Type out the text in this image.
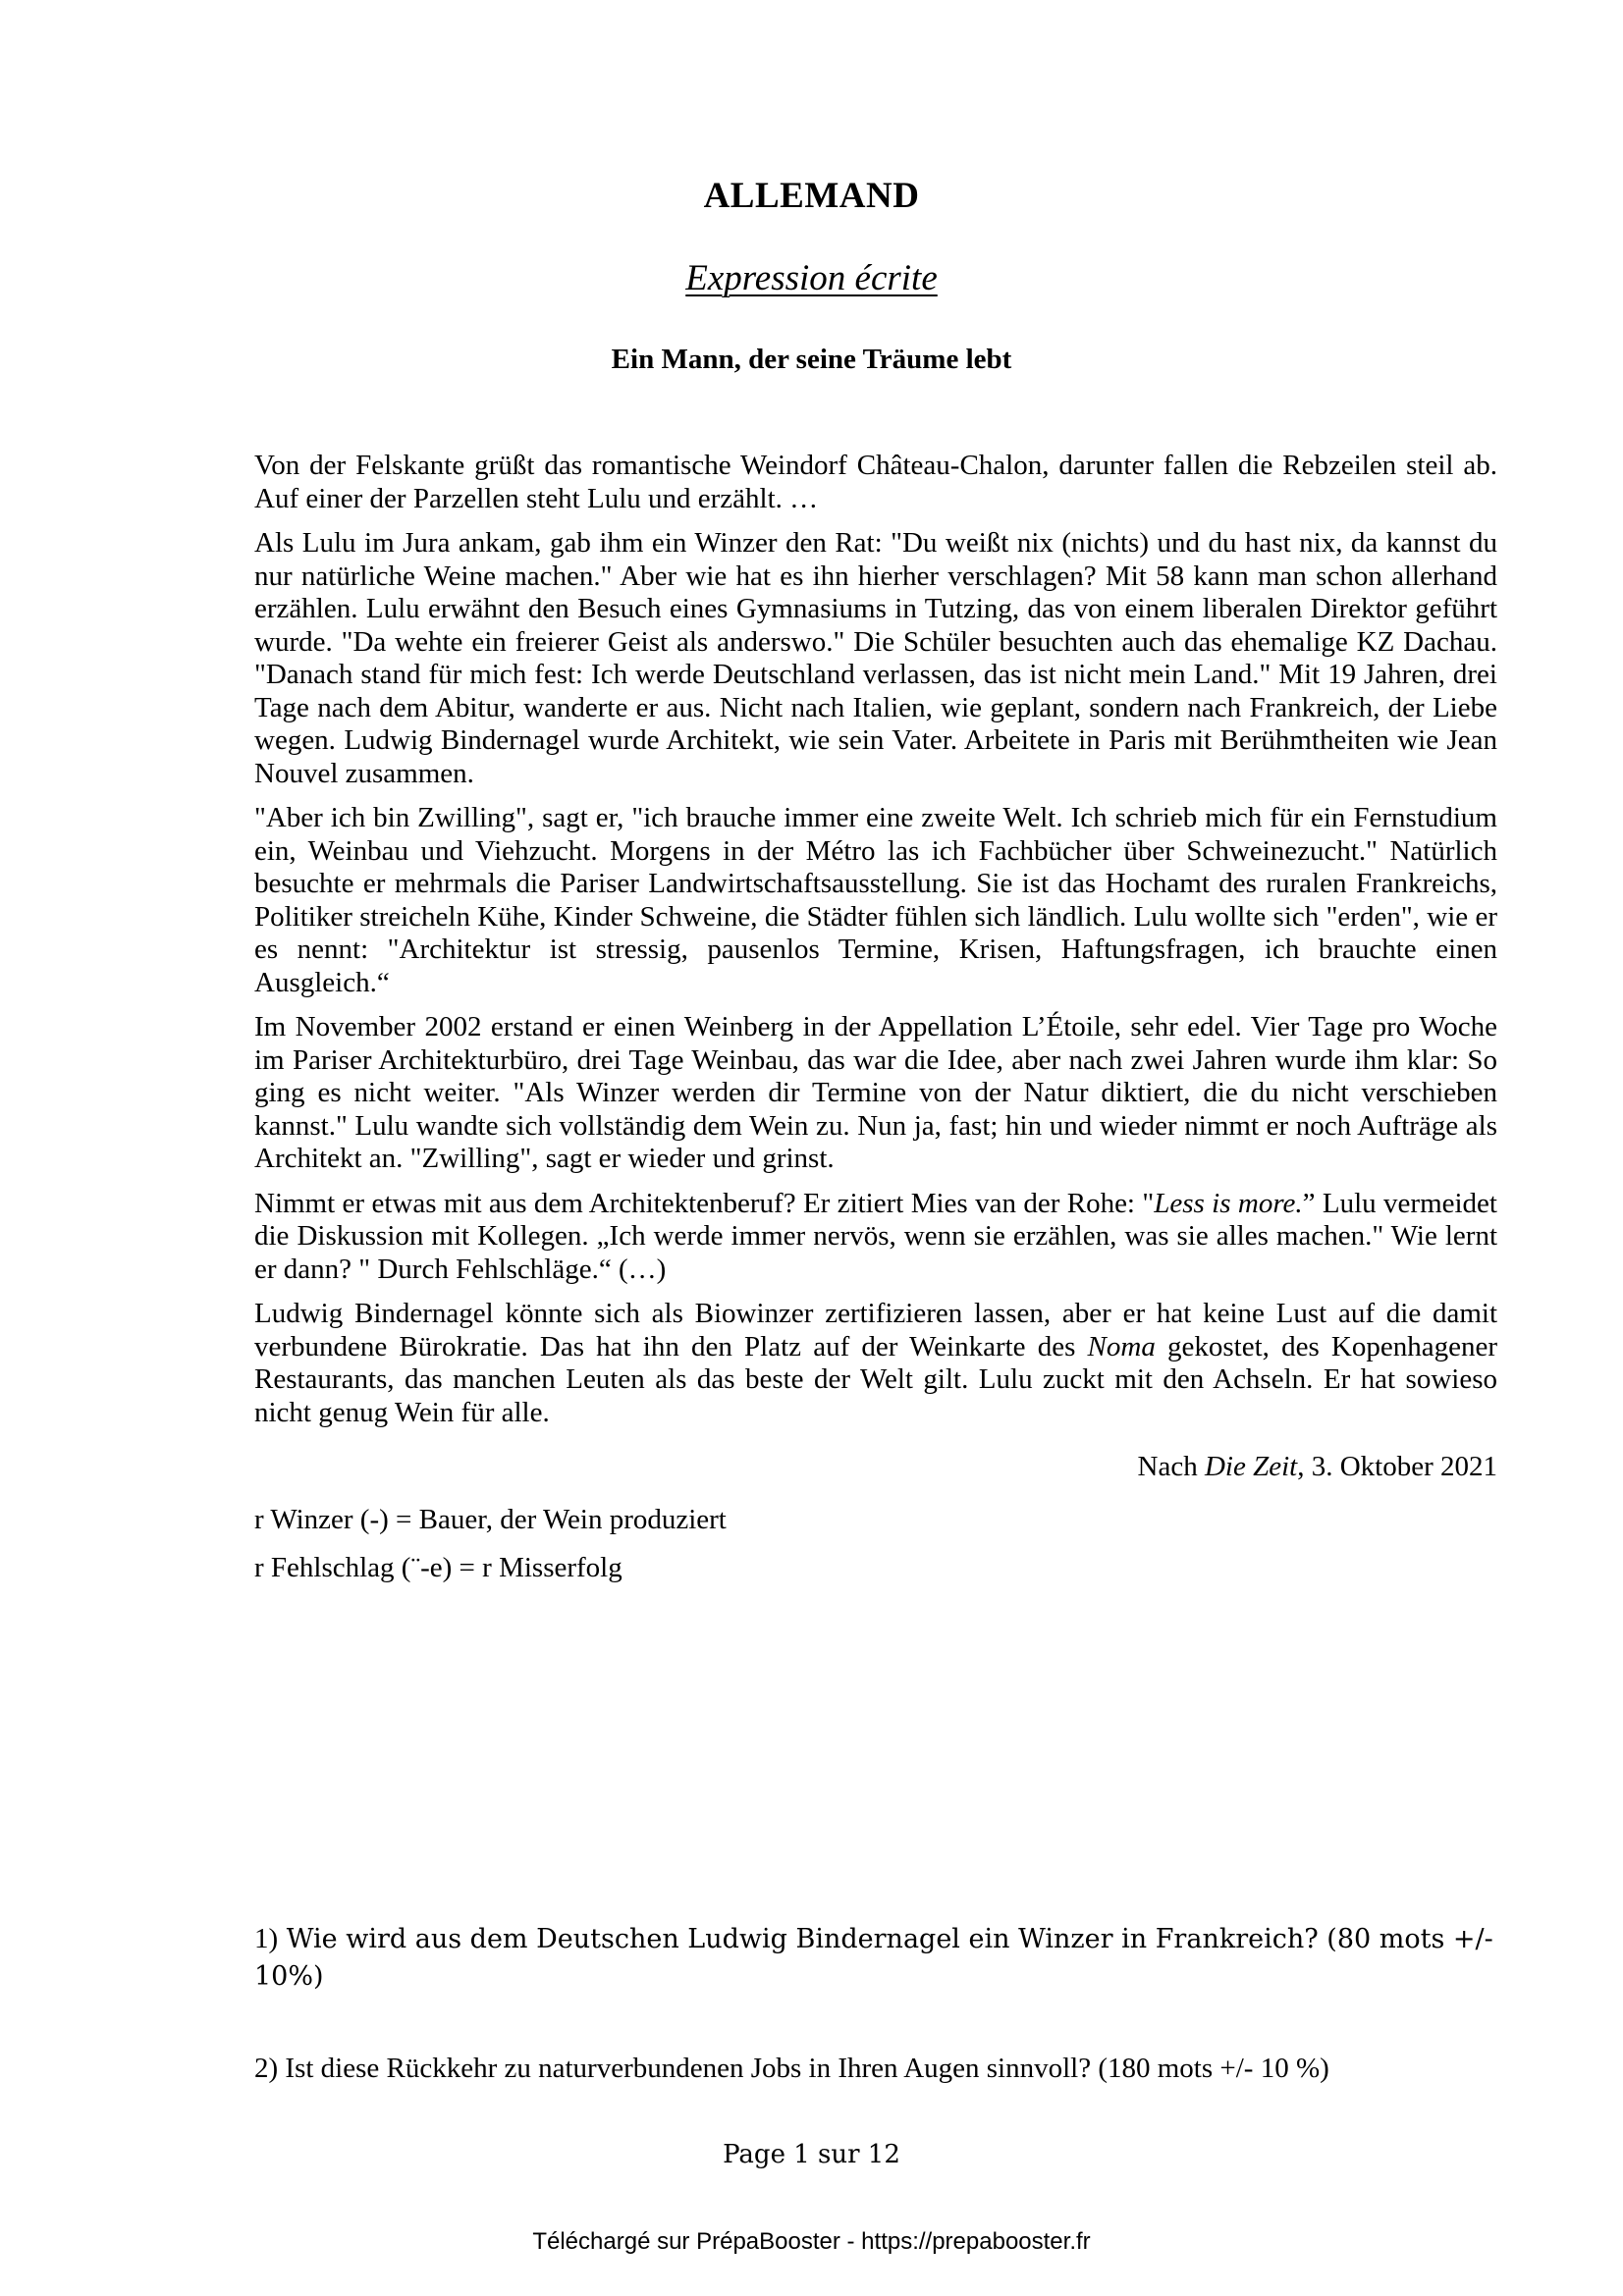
ALLEMAND
Expression écrite
Ein Mann, der seine Träume lebt

Von der Felskante grüßt das romantische Weindorf Château-Chalon, darunter fallen die Rebzeilen steil ab. Auf einer der Parzellen steht Lulu und erzählt. …

Als Lulu im Jura ankam, gab ihm ein Winzer den Rat: "Du weißt nix (nichts) und du hast nix, da kannst du nur natürliche Weine machen." Aber wie hat es ihn hierher verschlagen? Mit 58 kann man schon allerhand erzählen. Lulu erwähnt den Besuch eines Gymnasiums in Tutzing, das von einem liberalen Direktor geführt wurde. "Da wehte ein freierer Geist als anderswo." Die Schüler besuchten auch das ehemalige KZ Dachau. "Danach stand für mich fest: Ich werde Deutschland verlassen, das ist nicht mein Land." Mit 19 Jahren, drei Tage nach dem Abitur, wanderte er aus. Nicht nach Italien, wie geplant, sondern nach Frankreich, der Liebe wegen. Ludwig Bindernagel wurde Architekt, wie sein Vater. Arbeitete in Paris mit Berühmtheiten wie Jean Nouvel zusammen.

"Aber ich bin Zwilling", sagt er, "ich brauche immer eine zweite Welt. Ich schrieb mich für ein Fernstudium ein, Weinbau und Viehzucht. Morgens in der Métro las ich Fachbücher über Schweinezucht." Natürlich besuchte er mehrmals die Pariser Landwirtschaftsausstellung. Sie ist das Hochamt des ruralen Frankreichs, Politiker streicheln Kühe, Kinder Schweine, die Städter fühlen sich ländlich. Lulu wollte sich "erden", wie er es nennt: "Architektur ist stressig, pausenlos Termine, Krisen, Haftungsfragen, ich brauchte einen Ausgleich.“

Im November 2002 erstand er einen Weinberg in der Appellation L’Étoile, sehr edel. Vier Tage pro Woche im Pariser Architekturbüro, drei Tage Weinbau, das war die Idee, aber nach zwei Jahren wurde ihm klar: So ging es nicht weiter. "Als Winzer werden dir Termine von der Natur diktiert, die du nicht verschieben kannst." Lulu wandte sich vollständig dem Wein zu. Nun ja, fast; hin und wieder nimmt er noch Aufträge als Architekt an. "Zwilling", sagt er wieder und grinst.

Nimmt er etwas mit aus dem Architektenberuf? Er zitiert Mies van der Rohe: "Less is more.” Lulu vermeidet die Diskussion mit Kollegen. „Ich werde immer nervös, wenn sie erzählen, was sie alles machen." Wie lernt er dann? " Durch Fehlschläge.“ (…)

Ludwig Bindernagel könnte sich als Biowinzer zertifizieren lassen, aber er hat keine Lust auf die damit verbundene Bürokratie. Das hat ihn den Platz auf der Weinkarte des Noma gekostet, des Kopenhagener Restaurants, das manchen Leuten als das beste der Welt gilt. Lulu zuckt mit den Achseln. Er hat sowieso nicht genug Wein für alle.

Nach Die Zeit, 3. Oktober 2021

r Winzer (-) = Bauer, der Wein produziert

r Fehlschlag (¨-e) = r Misserfolg

1) Wie wird aus dem Deutschen Ludwig Bindernagel ein Winzer in Frankreich? (80 mots +/- 10%)
2) Ist diese Rückkehr zu naturverbundenen Jobs in Ihren Augen sinnvoll? (180 mots +/- 10 %)
Page 1 sur 12
Téléchargé sur PrépaBooster - https://prepabooster.fr
